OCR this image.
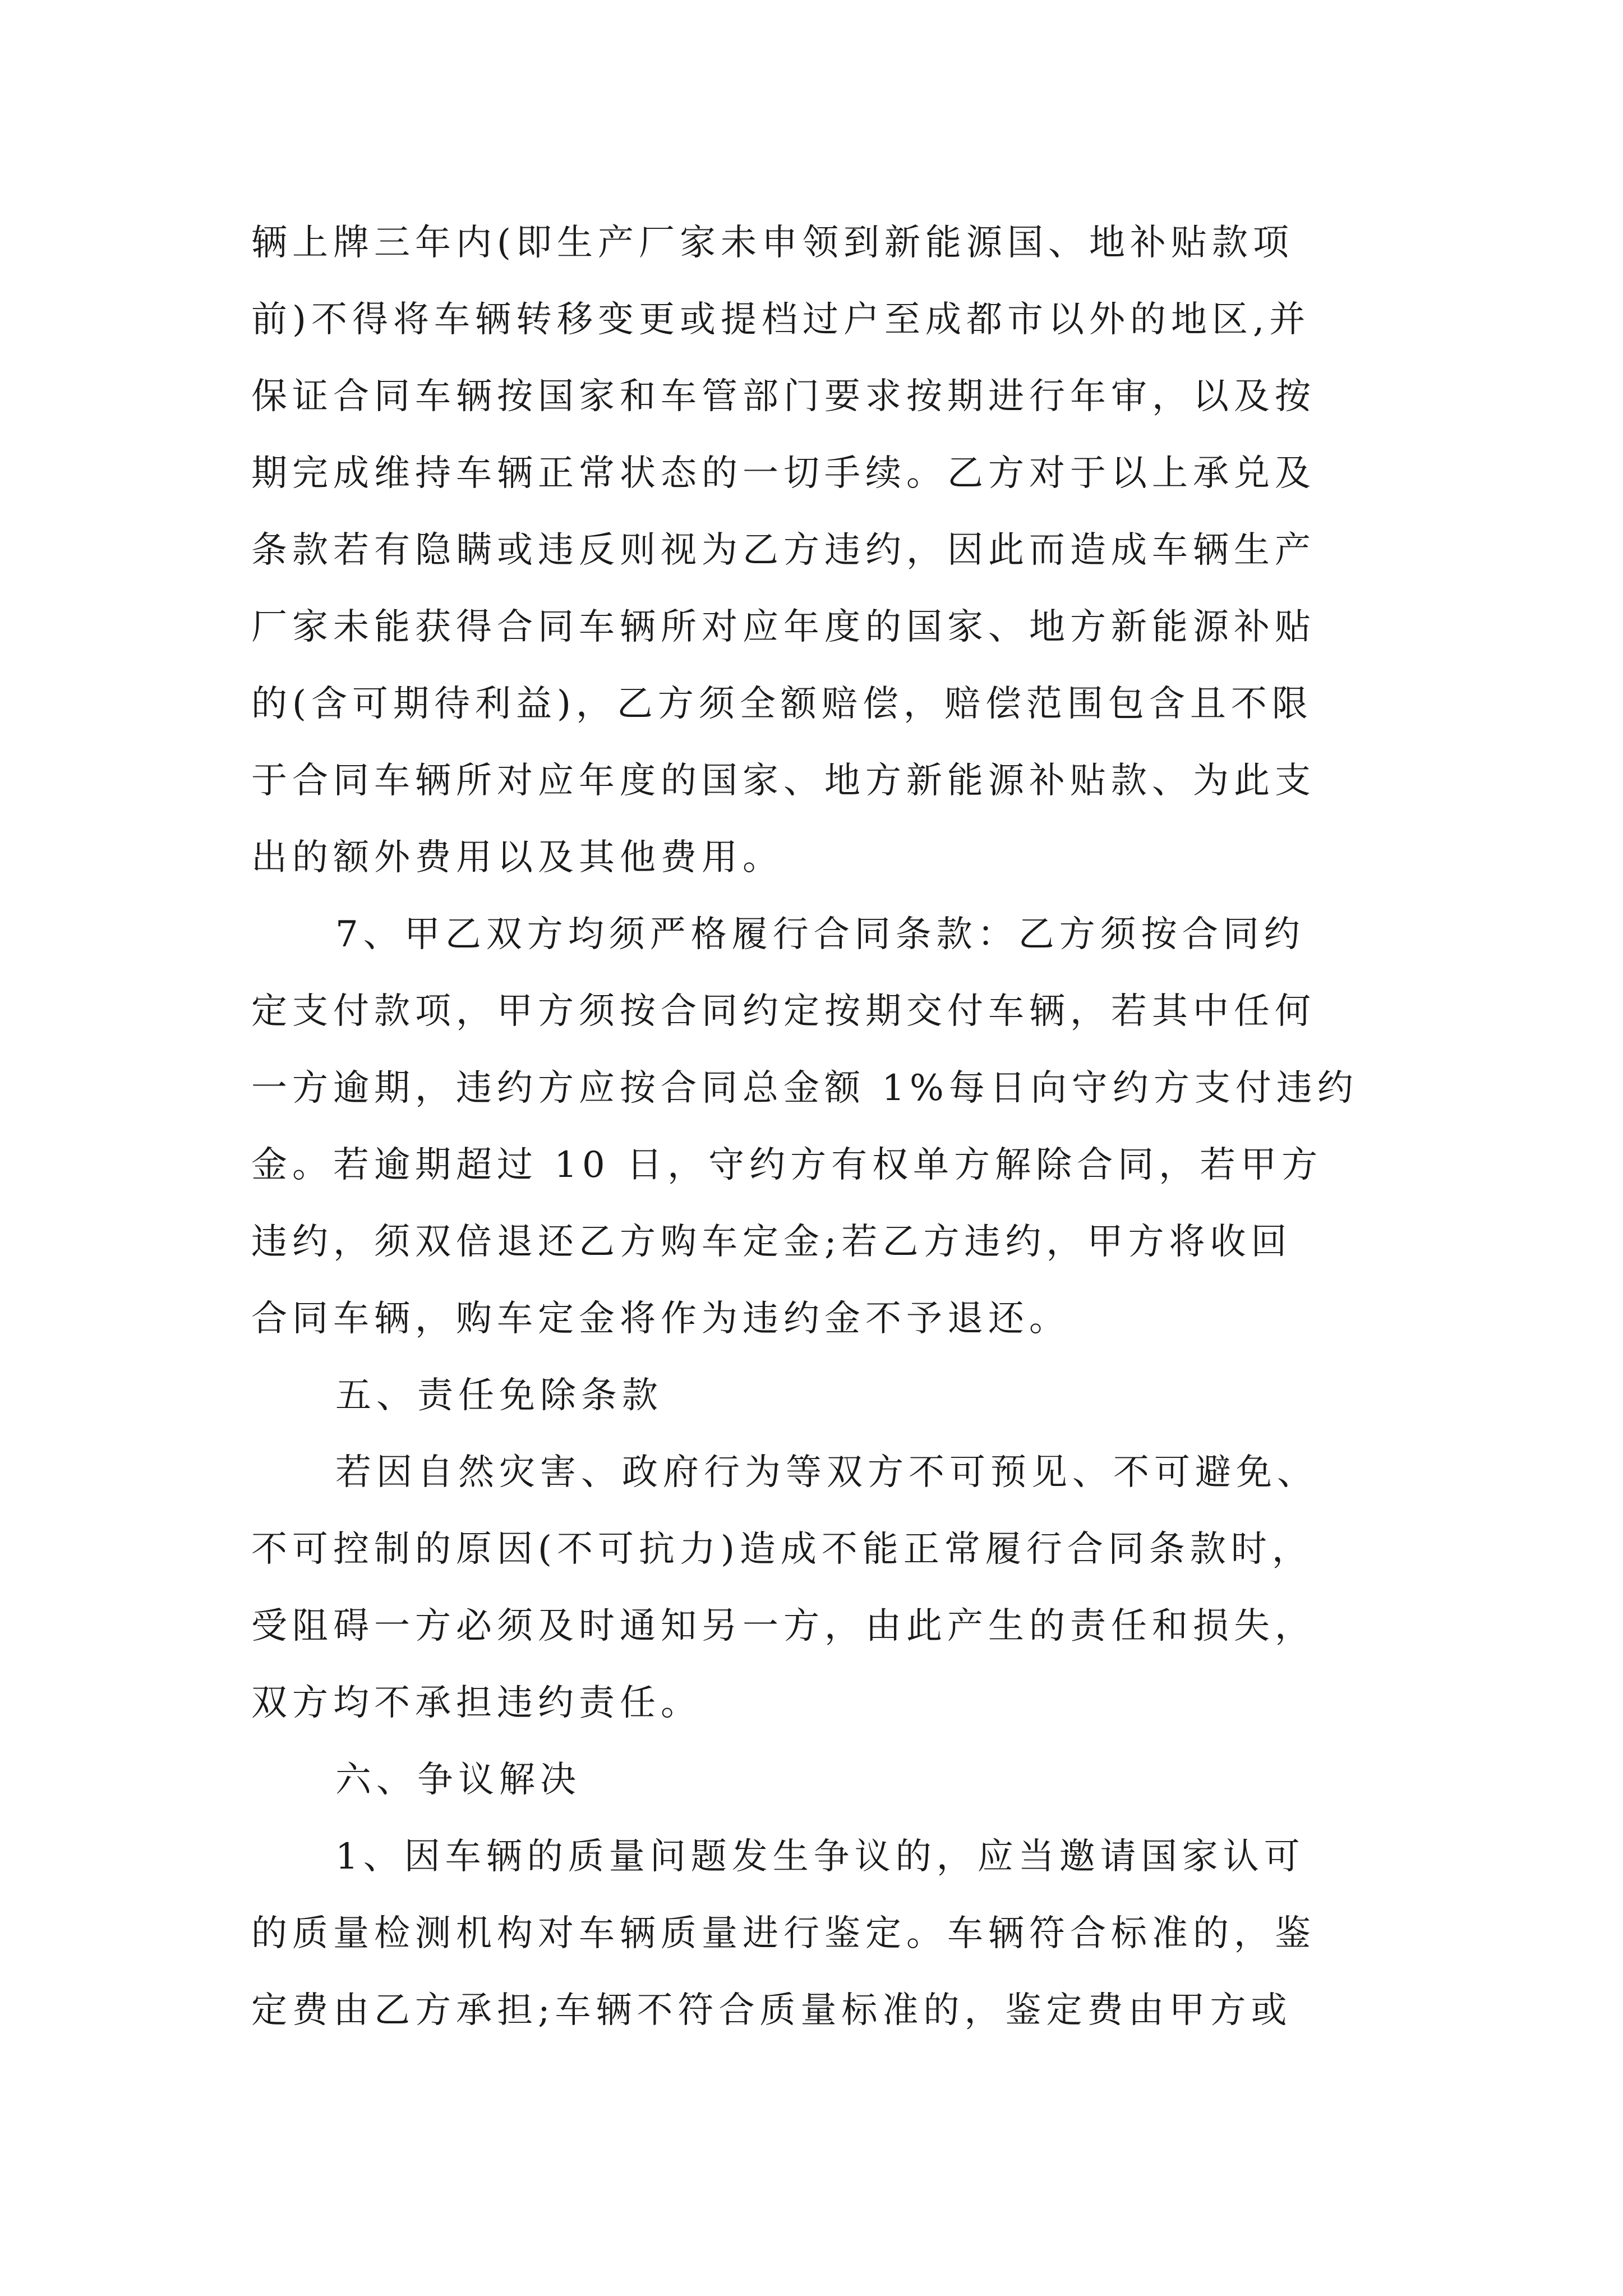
辆上牌三年内(即生产厂家未申领到新能源国、地补贴款项
前)不得将车辆转移变更或提档过户至成都市以外的地区,并
保证合同车辆按国家和车管部门要求按期进行年审，以及按
期完成维持车辆正常状态的一切手续。乙方对于以上承兑及
条款若有隐瞒或违反则视为乙方违约，因此而造成车辆生产
厂家未能获得合同车辆所对应年度的国家、地方新能源补贴
的(含可期待利益)，乙方须全额赔偿，赔偿范围包含且不限
于合同车辆所对应年度的国家、地方新能源补贴款、为此支
出的额外费用以及其他费用。
7、甲乙双方均须严格履行合同条款：乙方须按合同约
定支付款项，甲方须按合同约定按期交付车辆，若其中任何
一方逾期，违约方应按合同总金额 1%每日向守约方支付违约
金。若逾期超过 10 日，守约方有权单方解除合同，若甲方
违约，须双倍退还乙方购车定金;若乙方违约，甲方将收回
合同车辆，购车定金将作为违约金不予退还。
五、责任免除条款
若因自然灾害、政府行为等双方不可预见、不可避免、
不可控制的原因(不可抗力)造成不能正常履行合同条款时，
受阻碍一方必须及时通知另一方，由此产生的责任和损失，
双方均不承担违约责任。
六、争议解决
1、因车辆的质量问题发生争议的，应当邀请国家认可
的质量检测机构对车辆质量进行鉴定。车辆符合标准的，鉴
定费由乙方承担;车辆不符合质量标准的，鉴定费由甲方或
